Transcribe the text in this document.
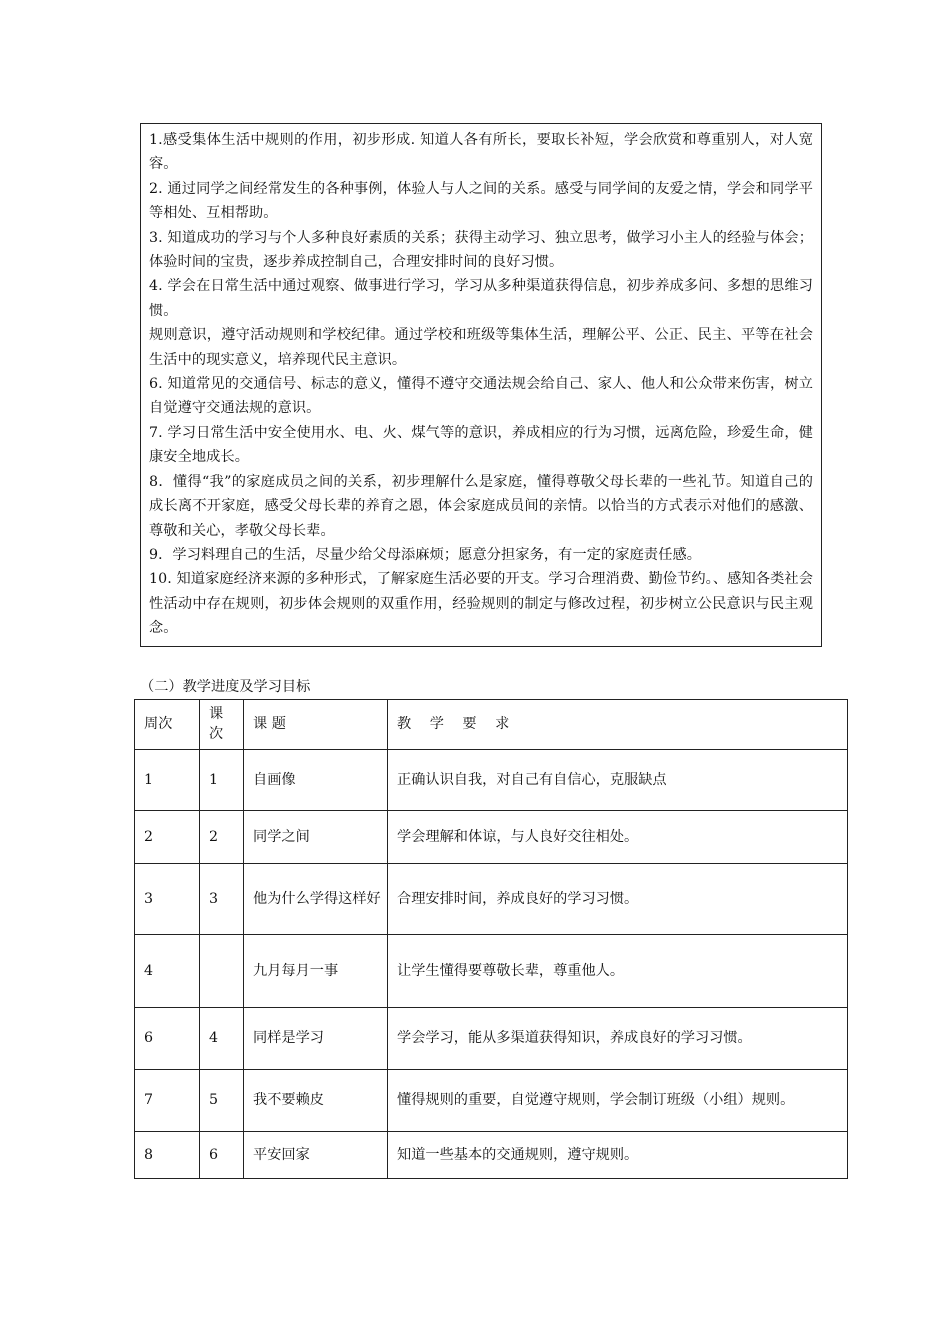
1.感受集体生活中规则的作用，初步形成. 知道人各有所长，要取长补短，学会欣赏和尊重别人，对人宽容。

2. 通过同学之间经常发生的各种事例，体验人与人之间的关系。感受与同学间的友爱之情，学会和同学平等相处、互相帮助。

3. 知道成功的学习与个人多种良好素质的关系；获得主动学习、独立思考，做学习小主人的经验与体会；体验时间的宝贵，逐步养成控制自己，合理安排时间的良好习惯。

4. 学会在日常生活中通过观察、做事进行学习，学习从多种渠道获得信息，初步养成多问、多想的思维习惯。

规则意识，遵守活动规则和学校纪律。通过学校和班级等集体生活，理解公平、公正、民主、平等在社会生活中的现实意义，培养现代民主意识。

6. 知道常见的交通信号、标志的意义，懂得不遵守交通法规会给自己、家人、他人和公众带来伤害，树立自觉遵守交通法规的意识。

7. 学习日常生活中安全使用水、电、火、煤气等的意识，养成相应的行为习惯，远离危险，珍爱生命，健康安全地成长。

8．懂得“我”的家庭成员之间的关系，初步理解什么是家庭，懂得尊敬父母长辈的一些礼节。知道自己的成长离不开家庭，感受父母长辈的养育之恩，体会家庭成员间的亲情。以恰当的方式表示对他们的感激、尊敬和关心，孝敬父母长辈。

9．学习料理自己的生活，尽量少给父母添麻烦；愿意分担家务，有一定的家庭责任感。

10. 知道家庭经济来源的多种形式，了解家庭生活必要的开支。学习合理消费、勤俭节约。、感知各类社会性活动中存在规则，初步体会规则的双重作用，经验规则的制定与修改过程，初步树立公民意识与民主观念。

（二）教学进度及学习目标

周次	课次	课 题	教 学 要 求
1	1	自画像	正确认识自我，对自己有自信心，克服缺点
2	2	同学之间	学会理解和体谅，与人良好交往相处。
3	3	他为什么学得这样好	合理安排时间，养成良好的学习习惯。
4		九月每月一事	让学生懂得要尊敬长辈，尊重他人。
6	4	同样是学习	学会学习，能从多渠道获得知识，养成良好的学习习惯。
7	5	我不要赖皮	懂得规则的重要，自觉遵守规则，学会制订班级（小组）规则。
8	6	平安回家	知道一些基本的交通规则，遵守规则。
